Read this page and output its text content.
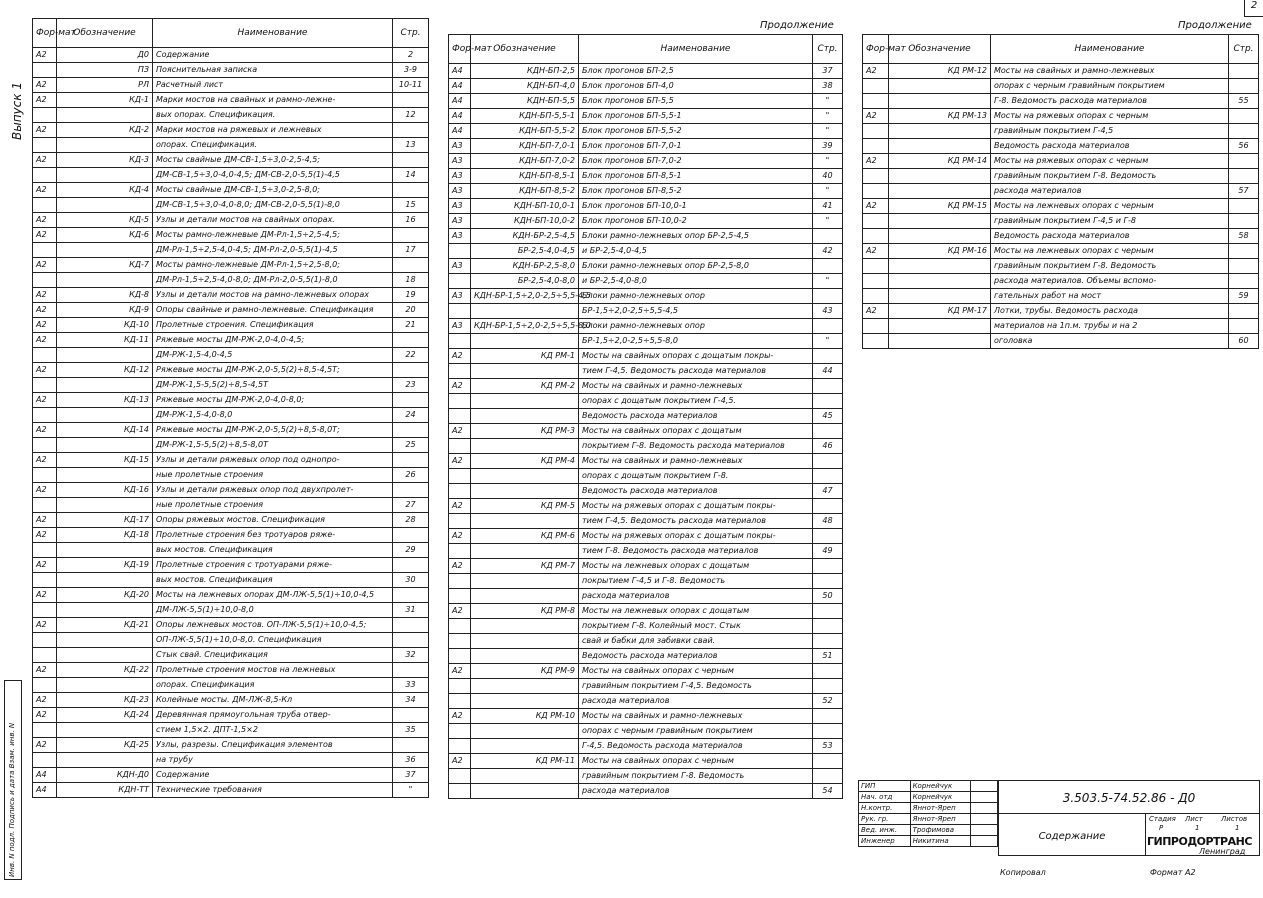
2
Выпуск 1
Продолжение	Продолжение
Инв. N подл. Подпись и дата Взам. инв. N
Фор-мат	Обозначение	Наименование	Стр.
А2	Д0	Содержание	2
	ПЗ	Пояснительная записка	3-9
А2	РЛ	Расчетный лист	10-11
А2	КД-1	Марки мостов на свайных и рамно-лежне-	
		вых опорах. Спецификация.	12
А2	КД-2	Марки мостов на ряжевых и лежневых	
		опорах. Спецификация.	13
А2	КД-3	Мосты свайные ДМ-СВ-1,5÷3,0-2,5-4,5;	
		ДМ-СВ-1,5÷3,0-4,0-4,5; ДМ-СВ-2,0-5,5(1)-4,5	14
А2	КД-4	Мосты свайные ДМ-СВ-1,5÷3,0-2,5-8,0;	
		ДМ-СВ-1,5÷3,0-4,0-8,0; ДМ-СВ-2,0-5,5(1)-8,0	15
А2	КД-5	Узлы и детали мостов на свайных опорах.	16
А2	КД-6	Мосты рамно-лежневые ДМ-Рл-1,5÷2,5-4,5;	
		ДМ-Рл-1,5÷2,5-4,0-4,5; ДМ-Рл-2,0-5,5(1)-4,5	17
А2	КД-7	Мосты рамно-лежневые ДМ-Рл-1,5÷2,5-8,0;	
		ДМ-Рл-1,5÷2,5-4,0-8,0; ДМ-Рл-2,0-5,5(1)-8,0	18
А2	КД-8	Узлы и детали мостов на рамно-лежневых опорах	19
А2	КД-9	Опоры свайные и рамно-лежневые. Спецификация	20
А2	КД-10	Пролетные строения. Спецификация	21
А2	КД-11	Ряжевые мосты ДМ-РЖ-2,0-4,0-4,5;	
		ДМ-РЖ-1,5-4,0-4,5	22
А2	КД-12	Ряжевые мосты ДМ-РЖ-2,0-5,5(2)÷8,5-4,5Т;	
		ДМ-РЖ-1,5-5,5(2)÷8,5-4,5Т	23
А2	КД-13	Ряжевые мосты ДМ-РЖ-2,0-4,0-8,0;	
		ДМ-РЖ-1,5-4,0-8,0	24
А2	КД-14	Ряжевые мосты ДМ-РЖ-2,0-5,5(2)÷8,5-8,0Т;	
		ДМ-РЖ-1,5-5,5(2)÷8,5-8,0Т	25
А2	КД-15	Узлы и детали ряжевых опор под однопро-	
		ные пролетные строения	26
А2	КД-16	Узлы и детали ряжевых опор под двухпролет-	
		ные пролетные строения	27
А2	КД-17	Опоры ряжевых мостов. Спецификация	28
А2	КД-18	Пролетные строения без тротуаров ряже-	
		вых мостов. Спецификация	29
А2	КД-19	Пролетные строения с тротуарами ряже-	
		вых мостов. Спецификация	30
А2	КД-20	Мосты на лежневых опорах ДМ-ЛЖ-5,5(1)÷10,0-4,5	
		ДМ-ЛЖ-5,5(1)÷10,0-8,0	31
А2	КД-21	Опоры лежневых мостов. ОП-ЛЖ-5,5(1)÷10,0-4,5;	
		ОП-ЛЖ-5,5(1)÷10,0-8,0. Спецификация	
		Стык свай. Спецификация	32
А2	КД-22	Пролетные строения мостов на лежневых	
		опорах. Спецификация	33
А2	КД-23	Колейные мосты. ДМ-ЛЖ-8,5-Кл	34
А2	КД-24	Деревянная прямоугольная труба отвер-	
		стием 1,5×2. ДПТ-1,5×2	35
А2	КД-25	Узлы, разрезы. Спецификация элементов	
		на трубу	36
А4	КДН-Д0	Содержание	37
А4	КДН-ТТ	Технические требования	"
Фор-мат	Обозначение	Наименование	Стр.
А4	КДН-БП-2,5	Блок прогонов БП-2,5	37
А4	КДН-БП-4,0	Блок прогонов БП-4,0	38
А4	КДН-БП-5,5	Блок прогонов БП-5,5	"
А4	КДН-БП-5,5-1	Блок прогонов БП-5,5-1	"
А4	КДН-БП-5,5-2	Блок прогонов БП-5,5-2	"
А3	КДН-БП-7,0-1	Блок прогонов БП-7,0-1	39
А3	КДН-БП-7,0-2	Блок прогонов БП-7,0-2	"
А3	КДН-БП-8,5-1	Блок прогонов БП-8,5-1	40
А3	КДН-БП-8,5-2	Блок прогонов БП-8,5-2	"
А3	КДН-БП-10,0-1	Блок прогонов БП-10,0-1	41
А3	КДН-БП-10,0-2	Блок прогонов БП-10,0-2	"
А3	КДН-БР-2,5-4,5	Блоки рамно-лежневых опор БР-2,5-4,5	
	БР-2,5-4,0-4,5	и БР-2,5-4,0-4,5	42
А3	КДН-БР-2,5-8,0	Блоки рамно-лежневых опор БР-2,5-8,0	
	БР-2,5-4,0-8,0	и БР-2,5-4,0-8,0	"
А3	КДН-БР-1,5÷2,0-2,5÷5,5-4,5	Блоки рамно-лежневых опор	
		БР-1,5÷2,0-2,5÷5,5-4,5	43
А3	КДН-БР-1,5÷2,0-2,5÷5,5-8,0	Блоки рамно-лежневых опор	
		БР-1,5÷2,0-2,5÷5,5-8,0	"
А2	КД РМ-1	Мосты на свайных опорах с дощатым покры-	
		тием Г-4,5. Ведомость расхода материалов	44
А2	КД РМ-2	Мосты на свайных и рамно-лежневых	
		опорах с дощатым покрытием Г-4,5.	
		Ведомость расхода материалов	45
А2	КД РМ-3	Мосты на свайных опорах с дощатым	
		покрытием Г-8. Ведомость расхода материалов	46
А2	КД РМ-4	Мосты на свайных и рамно-лежневых	
		опорах с дощатым покрытием Г-8.	
		Ведомость расхода материалов	47
А2	КД РМ-5	Мосты на ряжевых опорах с дощатым покры-	
		тием Г-4,5. Ведомость расхода материалов	48
А2	КД РМ-6	Мосты на ряжевых опорах с дощатым покры-	
		тием Г-8. Ведомость расхода материалов	49
А2	КД РМ-7	Мосты на лежневых опорах с дощатым	
		покрытием Г-4,5 и Г-8. Ведомость	
		расхода материалов	50
А2	КД РМ-8	Мосты на лежневых опорах с дощатым	
		покрытием Г-8. Колейный мост. Стык	
		свай и бабки для забивки свай.	
		Ведомость расхода материалов	51
А2	КД РМ-9	Мосты на свайных опорах с черным	
		гравийным покрытием Г-4,5. Ведомость	
		расхода материалов	52
А2	КД РМ-10	Мосты на свайных и рамно-лежневых	
		опорах с черным гравийным покрытием	
		Г-4,5. Ведомость расхода материалов	53
А2	КД РМ-11	Мосты на свайных опорах с черным	
		гравийным покрытием Г-8. Ведомость	
		расхода материалов	54
Фор-мат	Обозначение	Наименование	Стр.
А2	КД РМ-12	Мосты на свайных и рамно-лежневых	
		опорах с черным гравийным покрытием	
		Г-8. Ведомость расхода материалов	55
А2	КД РМ-13	Мосты на ряжевых опорах с черным	
		гравийным покрытием Г-4,5	
		Ведомость расхода материалов	56
А2	КД РМ-14	Мосты на ряжевых опорах с черным	
		гравийным покрытием Г-8. Ведомость	
		расхода материалов	57
А2	КД РМ-15	Мосты на лежневых опорах с черным	
		гравийным покрытием Г-4,5 и Г-8	
		Ведомость расхода материалов	58
А2	КД РМ-16	Мосты на лежневых опорах с черным	
		гравийным покрытием Г-8. Ведомость	
		расхода материалов. Объемы вспомо-	
		гательных работ на мост	59
А2	КД РМ-17	Лотки, трубы. Ведомость расхода	
		материалов на 1п.м. трубы и на 2	
		оголовка	60
ГИП	Корнейчук	
Нач. отд	Корнейчук	
Н.контр.	Яннот-Яреп	
Рук. гр.	Яннот-Яреп	
Вед. инж.	Трофимова	
Инженер	Никитина	
3.503.5-74.52.86 - Д0
Содержание
Стадия Лист	Листов
Р	1	1
ГИПРОДОРТРАНС
Ленинград
Копировал	Формат А2
